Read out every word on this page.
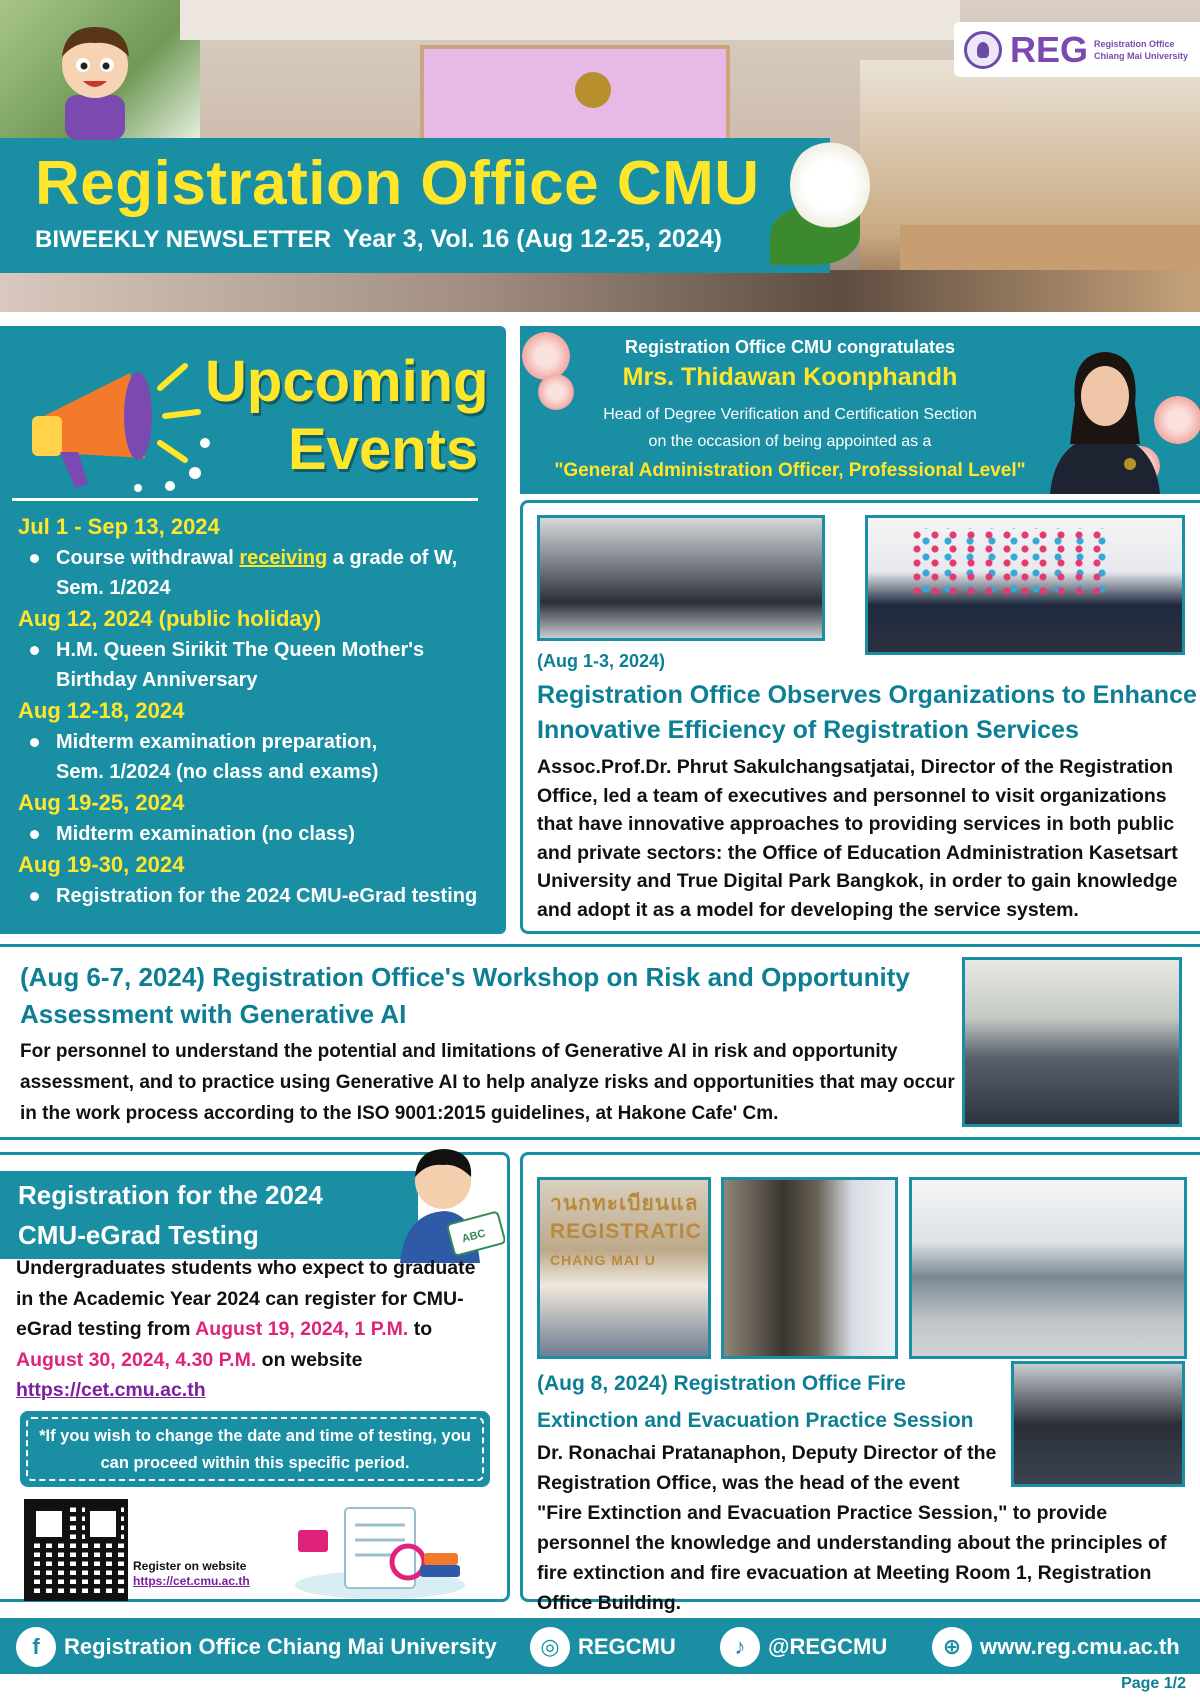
Registration Office CMU
BIWEEKLY NEWSLETTER Year 3, Vol. 16 (Aug 12-25, 2024)
REG Registration Office
Chiang Mai University
Upcoming
Events
Jul 1 - Sep 13, 2024
Course withdrawal receiving a grade of W,
Sem. 1/2024
Aug 12, 2024 (public holiday)
H.M. Queen Sirikit The Queen Mother's
Birthday Anniversary
Aug 12-18, 2024
Midterm examination preparation,
Sem. 1/2024 (no class and exams)
Aug 19-25, 2024
Midterm examination (no class)
Aug 19-30, 2024
Registration for the 2024 CMU-eGrad testing
Registration Office CMU congratulates
Mrs. Thidawan Koonphandh
Head of Degree Verification and Certification Section
on the occasion of being appointed as a
"General Administration Officer, Professional Level"
(Aug 1-3, 2024)
Registration Office Observes Organizations to Enhance Innovative Efficiency of Registration Services
Assoc.Prof.Dr. Phrut Sakulchangsatjatai, Director of the Registration Office, led a team of executives and personnel to visit organizations that have innovative approaches to providing services in both public and private sectors: the Office of Education Administration Kasetsart University and True Digital Park Bangkok, in order to gain knowledge and adopt it as a model for developing the service system.
(Aug 6-7, 2024) Registration Office's Workshop on Risk and Opportunity Assessment with Generative AI
For personnel to understand the potential and limitations of Generative AI in risk and opportunity assessment, and to practice using Generative AI to help analyze risks and opportunities that may occur in the work process according to the ISO 9001:2015 guidelines, at Hakone Cafe' Cm.
Registration for the 2024
CMU-eGrad Testing	ABC
Undergraduates students who expect to graduate in the Academic Year 2024 can register for CMU-eGrad testing from August 19, 2024, 1 P.M. to August 30, 2024, 4.30 P.M. on website
https://cet.cmu.ac.th
*If you wish to change the date and time of testing, you can proceed within this specific period.
Register on website
https://cet.cmu.ac.th
านกทะเบียนแล
REGISTRATIC
CHANG MAI U
(Aug 8, 2024) Registration Office Fire Extinction and Evacuation Practice Session
Dr. Ronachai Pratanaphon, Deputy Director of the Registration Office, was the head of the event
"Fire Extinction and Evacuation Practice Session," to provide personnel the knowledge and understanding about the principles of fire extinction and fire evacuation at Meeting Room 1, Registration Office Building.
f	Registration Office Chiang Mai University	◎ REGCMU	♪	@REGCMU	⊕ www.reg.cmu.ac.th
Page 1/2
